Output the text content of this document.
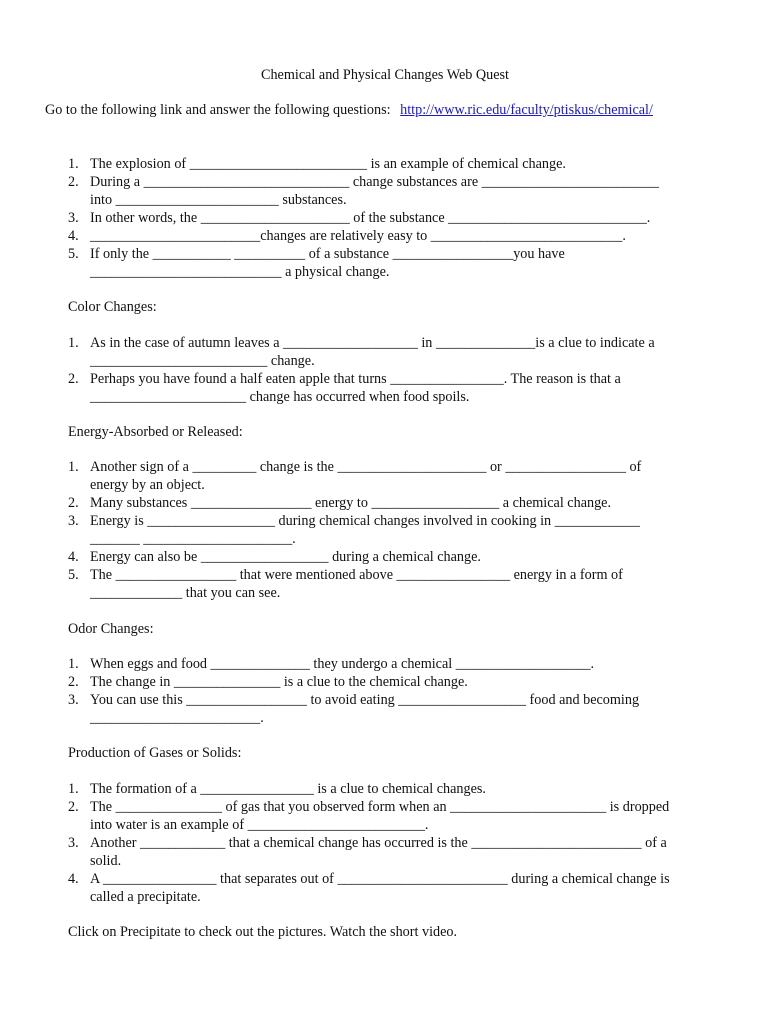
Chemical and Physical Changes Web Quest
Go to the following link and answer the following questions: http://www.ric.edu/faculty/ptiskus/chemical/
1. The explosion of _________________________ is an example of chemical change.
2. During a _____________________________ change substances are _________________________
into _______________________ substances.
3. In other words, the _____________________ of the substance ____________________________.
4. ________________________changes are relatively easy to ___________________________.
5. If only the ___________ __________ of a substance _________________you have
___________________________ a physical change.
Color Changes:
1. As in the case of autumn leaves a ___________________ in ______________is a clue to indicate a
_________________________ change.
2. Perhaps you have found a half eaten apple that turns ________________. The reason is that a
______________________ change has occurred when food spoils.
Energy-Absorbed or Released:
1. Another sign of a _________ change is the _____________________ or _________________ of
energy by an object.
2. Many substances _________________ energy to __________________ a chemical change.
3. Energy is __________________ during chemical changes involved in cooking in ____________
_______ _____________________.
4. Energy can also be __________________ during a chemical change.
5. The _________________ that were mentioned above ________________ energy in a form of
_____________ that you can see.
Odor Changes:
1. When eggs and food ______________ they undergo a chemical ___________________.
2. The change in _______________ is a clue to the chemical change.
3. You can use this _________________ to avoid eating __________________ food and becoming
________________________.
Production of Gases or Solids:
1. The formation of a ________________ is a clue to chemical changes.
2. The _______________ of gas that you observed form when an ______________________ is dropped
into water is an example of _________________________.
3. Another ____________ that a chemical change has occurred is the ________________________ of a
solid.
4. A ________________ that separates out of ________________________ during a chemical change is
called a precipitate.
Click on Precipitate to check out the pictures. Watch the short video.
